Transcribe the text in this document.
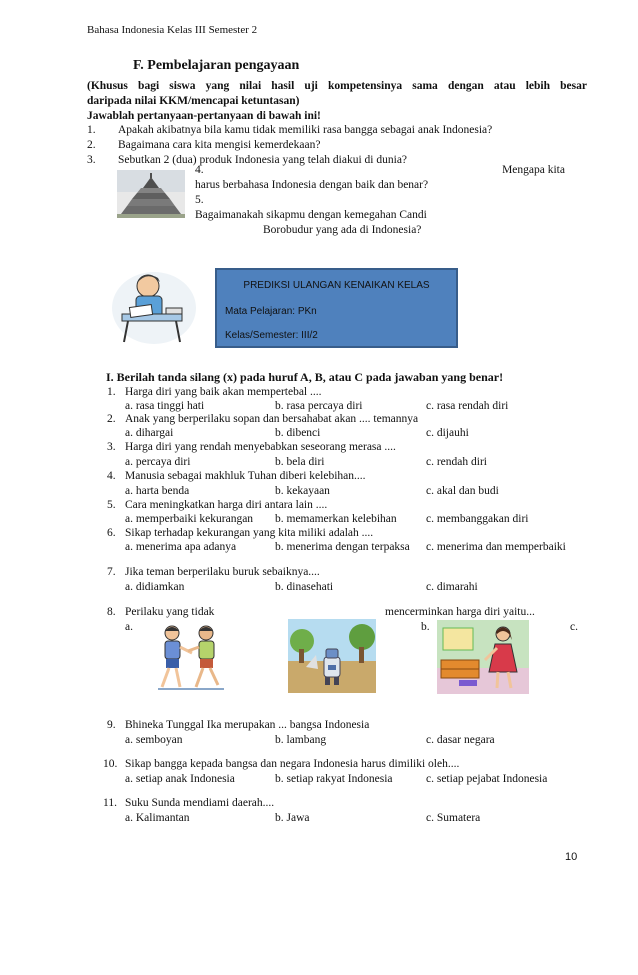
Bahasa Indonesia Kelas III Semester 2
F. Pembelajaran pengayaan
(Khusus bagi siswa yang nilai hasil uji kompetensinya sama dengan atau lebih besar
daripada nilai KKM/mencapai ketuntasan)
Jawablah pertanyaan-pertanyaan di bawah ini!
1. Apakah akibatnya bila kamu tidak memiliki rasa bangga sebagai anak Indonesia?
2. Bagaimana cara kita mengisi kemerdekaan?
3. Sebutkan 2 (dua) produk Indonesia yang telah diakui di dunia?
4.	Mengapa kita
harus berbahasa Indonesia dengan baik dan benar?
5.
Bagaimanakah sikapmu dengan kemegahan Candi
Borobudur yang ada di Indonesia?
PREDIKSI ULANGAN KENAIKAN KELAS
Mata Pelajaran: PKn
Kelas/Semester: III/2
I. Berilah tanda silang (x) pada huruf A, B, atau C pada jawaban yang benar!
1. Harga diri yang baik akan mempertebal ....
a. rasa tinggi hati	b. rasa percaya diri	c. rasa rendah diri
2. Anak yang berperilaku sopan dan bersahabat akan .... temannya
a. dihargai	b. dibenci	c. dijauhi
3. Harga diri yang rendah menyebabkan seseorang merasa ....
a. percaya diri	b. bela diri	c. rendah diri
4. Manusia sebagai makhluk Tuhan diberi kelebihan....
a. harta benda	b. kekayaan	c. akal dan budi
5. Cara meningkatkan harga diri antara lain ....
a. memperbaiki kekurangan b. memamerkan kelebihan	c. membanggakan diri
6. Sikap terhadap kekurangan yang kita miliki adalah ....
a. menerima apa adanya	b. menerima dengan terpaksa c. menerima dan memperbaiki
7. Jika teman berperilaku buruk sebaiknya....
a. didiamkan	b. dinasehati	c. dimarahi
8. Perilaku yang tidak	mencerminkan harga diri yaitu...
a.	b.	c.
9. Bhineka Tunggal Ika merupakan ... bangsa Indonesia
a. semboyan	b. lambang	c. dasar negara
10. Sikap bangga kepada bangsa dan negara Indonesia harus dimiliki oleh....
a. setiap anak Indonesia	b. setiap rakyat Indonesia	c. setiap pejabat Indonesia
11. Suku Sunda mendiami daerah....
a. Kalimantan	b. Jawa	c. Sumatera
10
